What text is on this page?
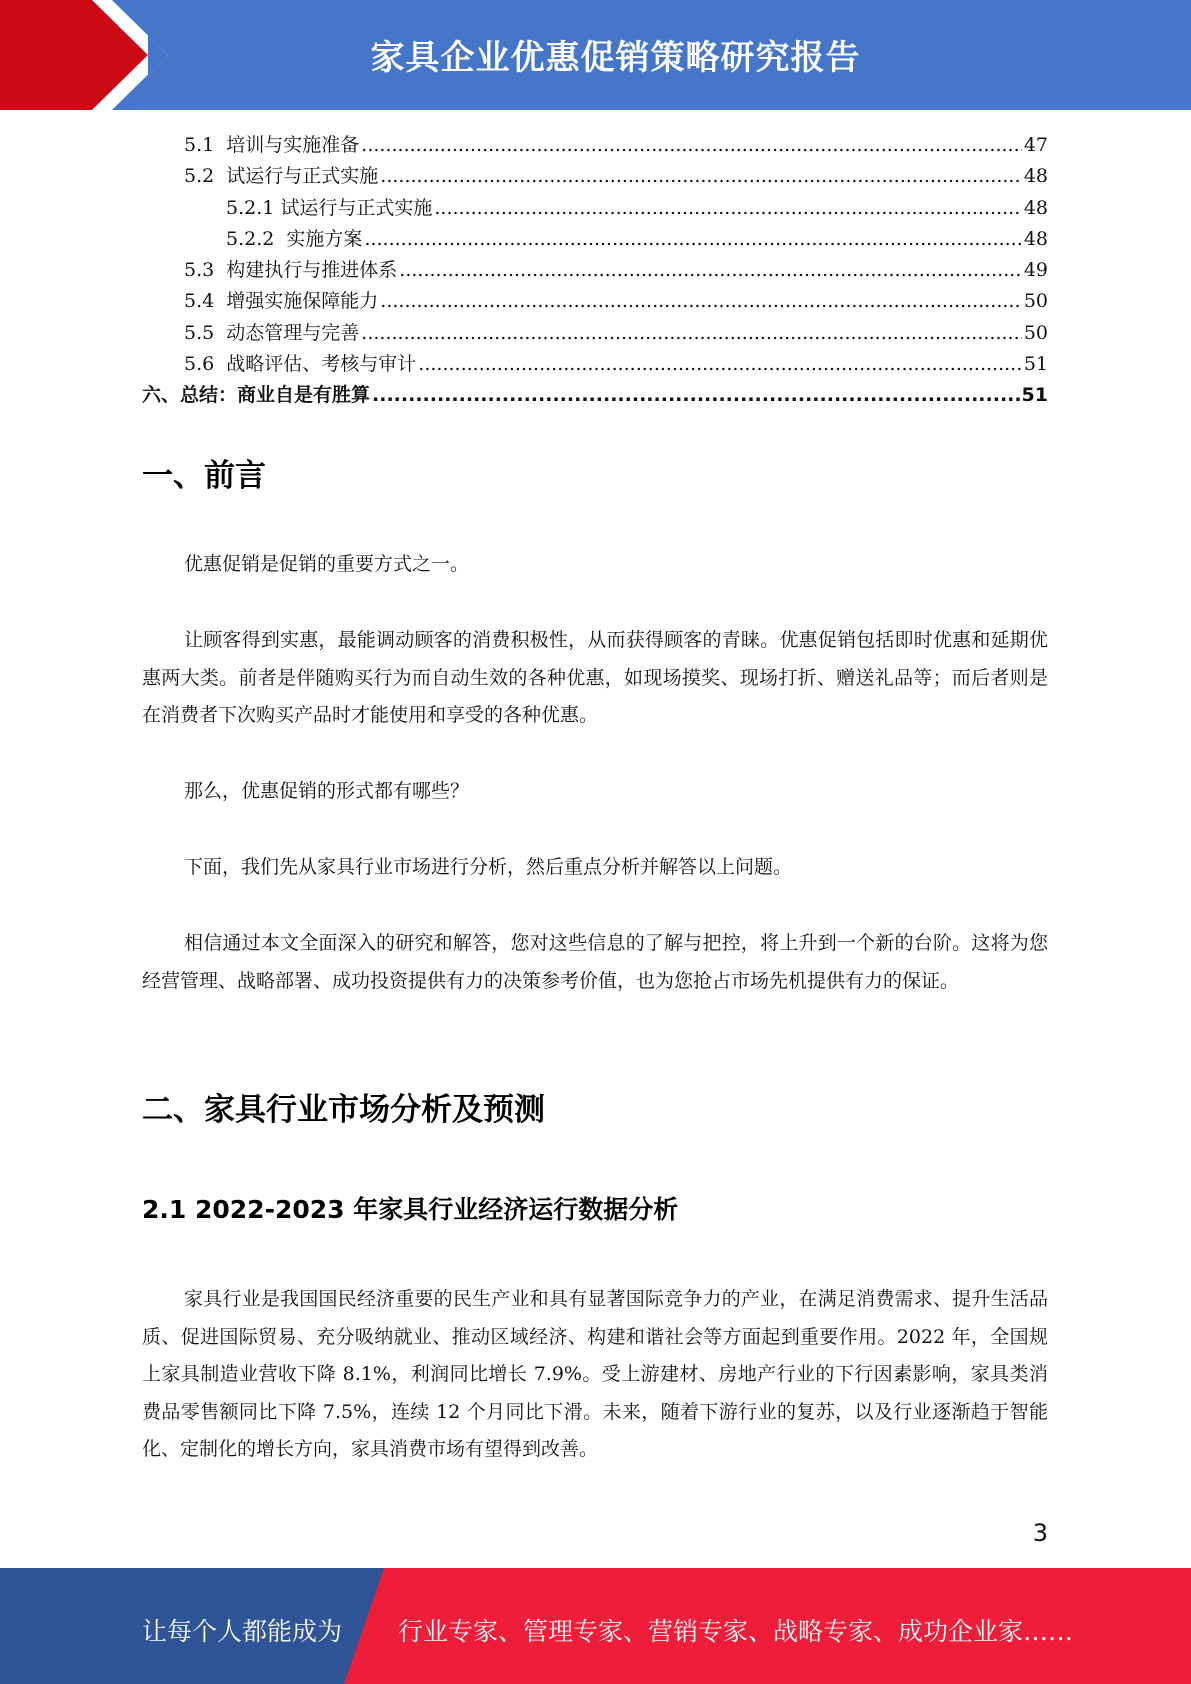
家具企业优惠促销策略研究报告
5.1  培训与实施准备 .....	47
5.2  试运行与正式实施 .....	48
5.2.1 试运行与正式实施 .....	48
5.2.2  实施方案 .....	48
5.3  构建执行与推进体系 .....	49
5.4  增强实施保障能力 .....	50
5.5  动态管理与完善 .....	50
5.6  战略评估、考核与审计 .....	51
六、总结：商业自是有胜算 .....	51
一、前言

优惠促销是促销的重要方式之一。

让顾客得到实惠，最能调动顾客的消费积极性，从而获得顾客的青睐。优惠促销包括即时优惠和延期优惠两大类。前者是伴随购买行为而自动生效的各种优惠，如现场摸奖、现场打折、赠送礼品等；而后者则是在消费者下次购买产品时才能使用和享受的各种优惠。

那么，优惠促销的形式都有哪些？

下面，我们先从家具行业市场进行分析，然后重点分析并解答以上问题。

相信通过本文全面深入的研究和解答，您对这些信息的了解与把控，将上升到一个新的台阶。这将为您经营管理、战略部署、成功投资提供有力的决策参考价值，也为您抢占市场先机提供有力的保证。

二、家具行业市场分析及预测
2.1 2022-2023 年家具行业经济运行数据分析

家具行业是我国国民经济重要的民生产业和具有显著国际竞争力的产业，在满足消费需求、提升生活品质、促进国际贸易、充分吸纳就业、推动区域经济、构建和谐社会等方面起到重要作用。2022 年，全国规上家具制造业营收下降 8.1%，利润同比增长 7.9%。受上游建材、房地产行业的下行因素影响，家具类消费品零售额同比下降 7.5%，连续 12 个月同比下滑。未来，随着下游行业的复苏，以及行业逐渐趋于智能化、定制化的增长方向，家具消费市场有望得到改善。

3
让每个人都能成为 行业专家、管理专家、营销专家、战略专家、成功企业家……
